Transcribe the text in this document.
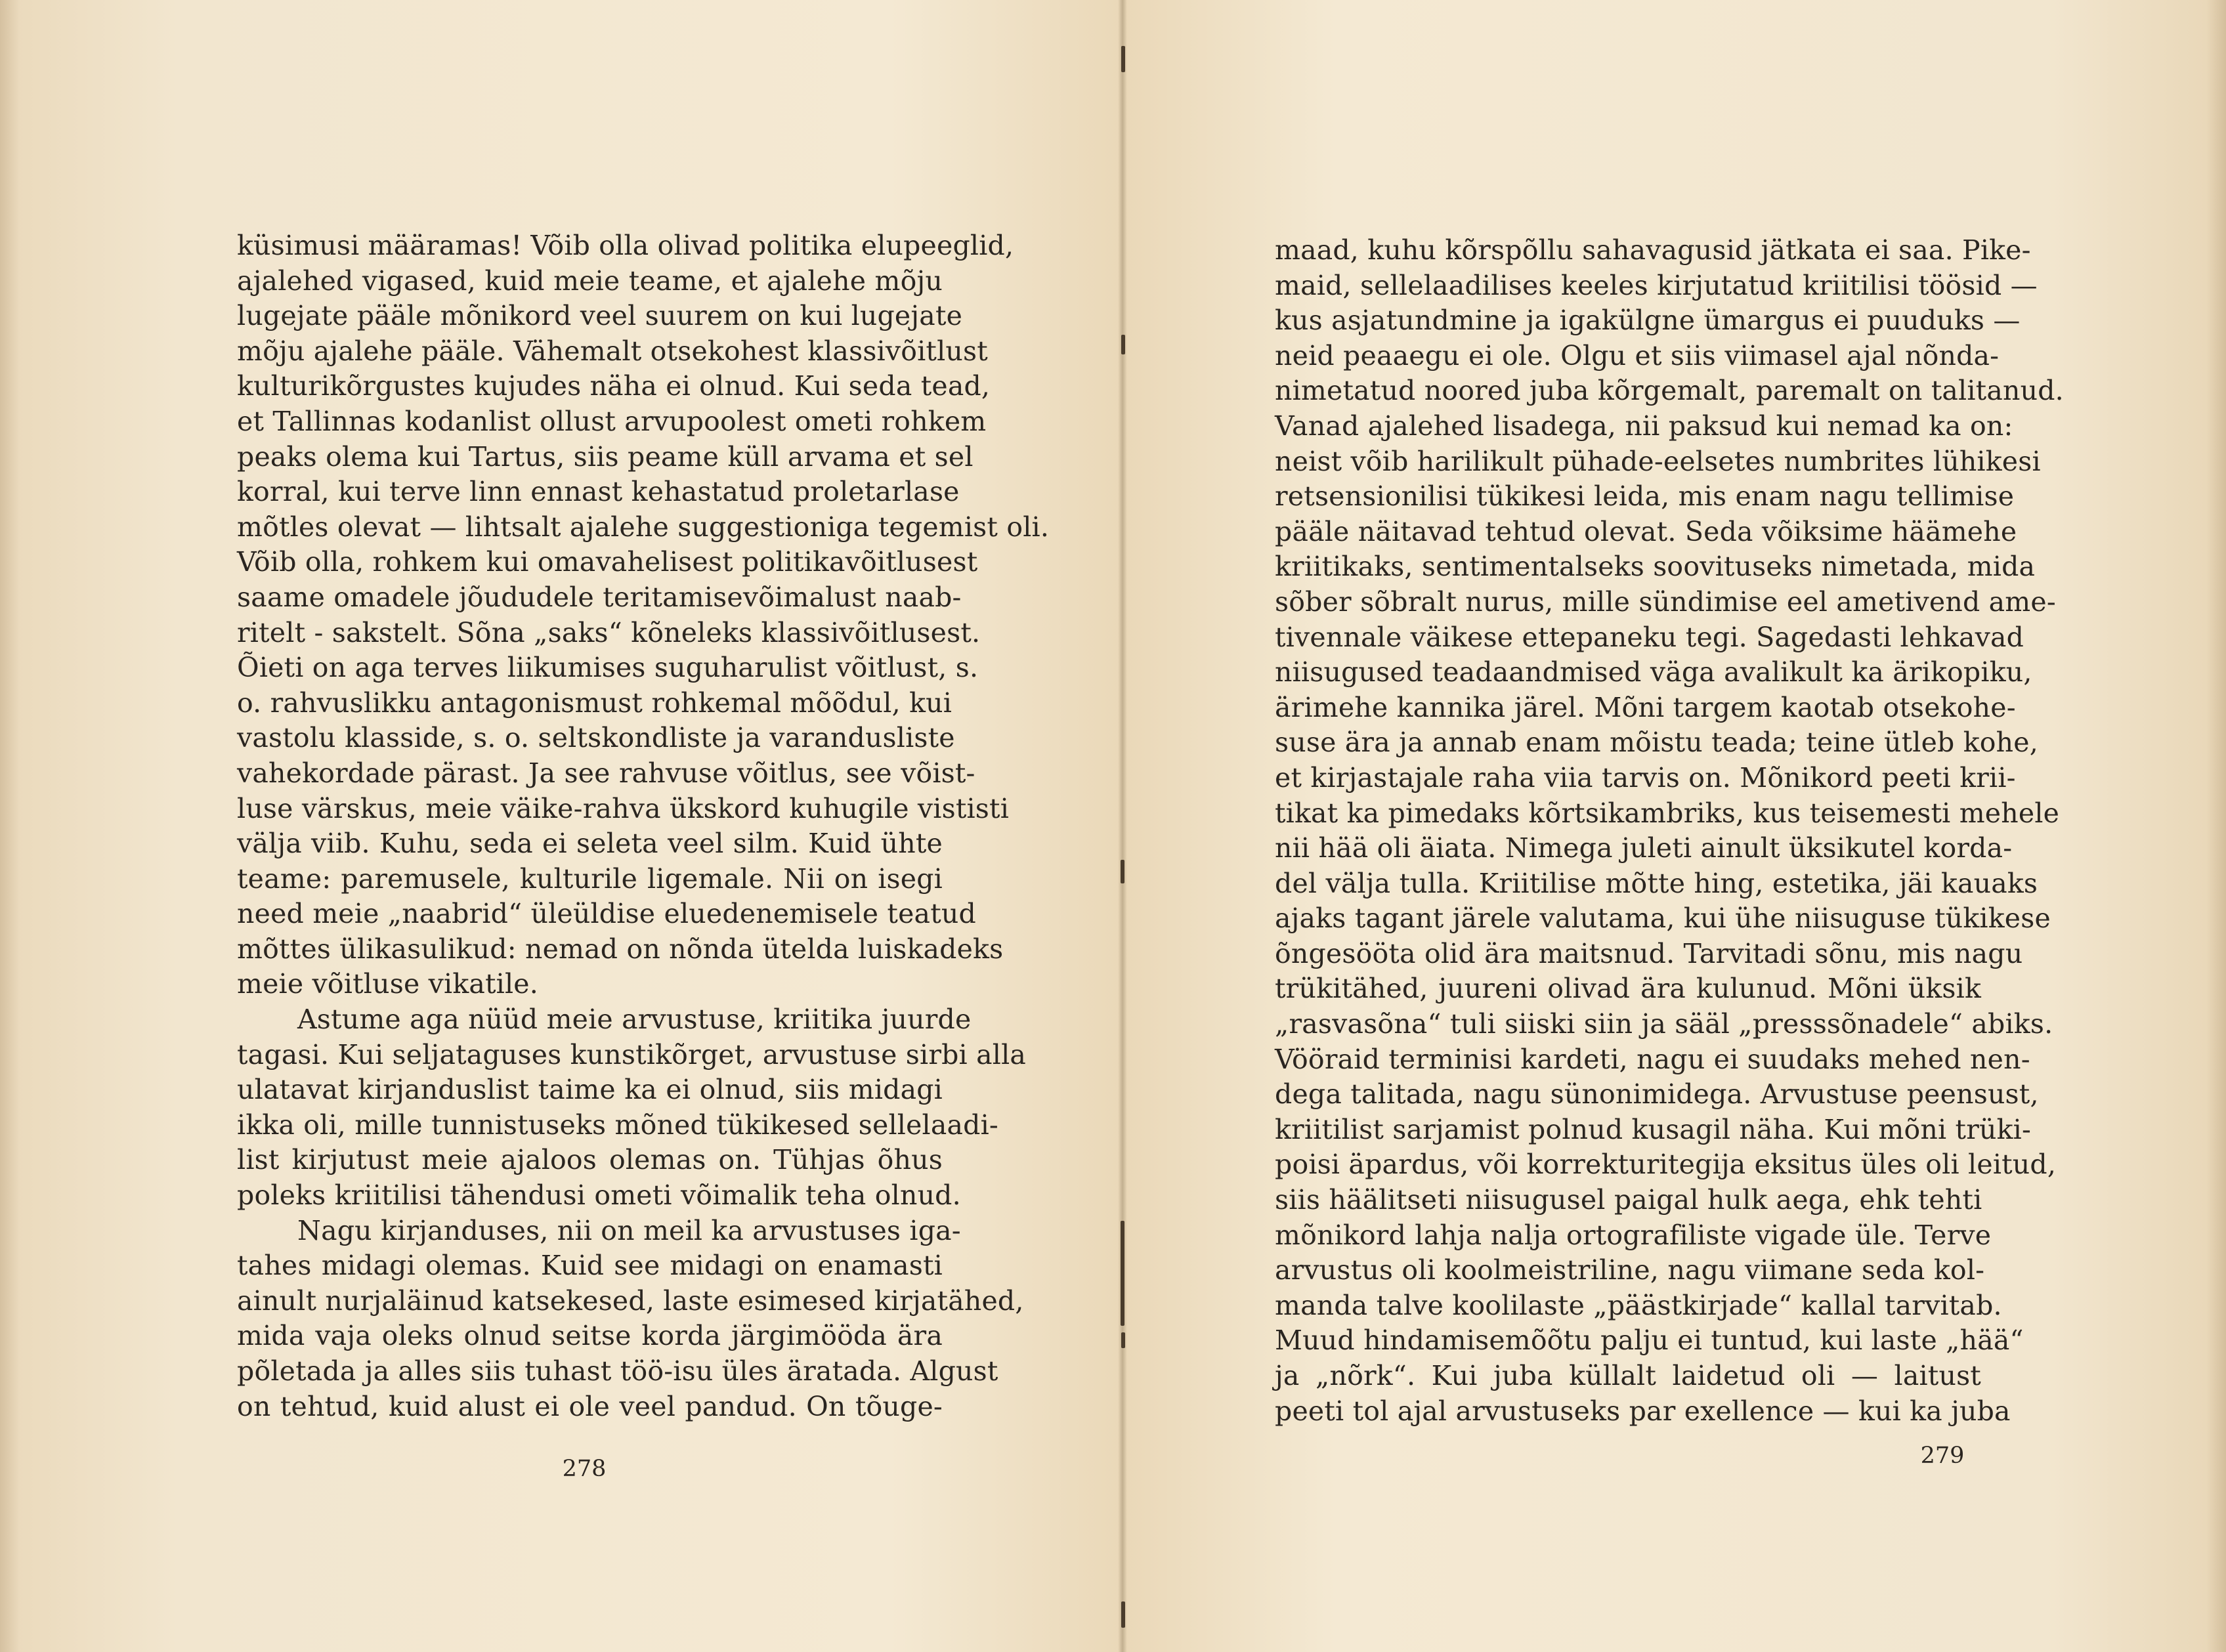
küsimusi määramas! Võib olla olivad politika elupeeglid,
ajalehed vigased, kuid meie teame, et ajalehe mõju
lugejate pääle mõnikord veel suurem on kui lugejate
mõju ajalehe pääle. Vähemalt otsekohest klassivõitlust
kulturikõrgustes kujudes näha ei olnud. Kui seda tead,
et Tallinnas kodanlist ollust arvupoolest ometi rohkem
peaks olema kui Tartus, siis peame küll arvama et sel
korral, kui terve linn ennast kehastatud proletarlase
mõtles olevat — lihtsalt ajalehe suggestioniga tegemist oli.
Võib olla, rohkem kui omavahelisest politikavõitlusest
saame omadele jõududele teritamisevõimalust naab-
ritelt - sakstelt. Sõna „saks“ kõneleks klassivõitlusest.
Õieti on aga terves liikumises suguharulist võitlust, s.
o. rahvuslikku antagonismust rohkemal mõõdul, kui
vastolu klasside, s. o. seltskondliste ja varandusliste
vahekordade pärast. Ja see rahvuse võitlus, see võist-
luse värskus, meie väike-rahva ükskord kuhugile vististi
välja viib. Kuhu, seda ei seleta veel silm. Kuid ühte
teame: paremusele, kulturile ligemale. Nii on isegi
need meie „naabrid“ üleüldise eluedenemisele teatud
mõttes ülikasulikud: nemad on nõnda ütelda luiskadeks
meie võitluse vikatile.
Astume aga nüüd meie arvustuse, kriitika juurde
tagasi. Kui seljataguses kunstikõrget, arvustuse sirbi alla
ulatavat kirjanduslist taime ka ei olnud, siis midagi
ikka oli, mille tunnistuseks mõned tükikesed sellelaadi-
list kirjutust meie ajaloos olemas on. Tühjas õhus
poleks kriitilisi tähendusi ometi võimalik teha olnud.
Nagu kirjanduses, nii on meil ka arvustuses iga-
tahes midagi olemas. Kuid see midagi on enamasti
ainult nurjaläinud katsekesed, laste esimesed kirjatähed,
mida vaja oleks olnud seitse korda järgimööda ära
põletada ja alles siis tuhast töö-isu üles äratada. Algust
on tehtud, kuid alust ei ole veel pandud. On tõuge-
278
maad, kuhu kõrspõllu sahavagusid jätkata ei saa. Pike-
maid, sellelaadilises keeles kirjutatud kriitilisi töösid —
kus asjatundmine ja igakülgne ümargus ei puuduks —
neid peaaegu ei ole. Olgu et siis viimasel ajal nõnda-
nimetatud noored juba kõrgemalt, paremalt on talitanud.
Vanad ajalehed lisadega, nii paksud kui nemad ka on:
neist võib harilikult pühade-eelsetes numbrites lühikesi
retsensionilisi tükikesi leida, mis enam nagu tellimise
pääle näitavad tehtud olevat. Seda võiksime häämehe
kriitikaks, sentimentalseks soovituseks nimetada, mida
sõber sõbralt nurus, mille sündimise eel ametivend ame-
tivennale väikese ettepaneku tegi. Sagedasti lehkavad
niisugused teadaandmised väga avalikult ka ärikopiku,
ärimehe kannika järel. Mõni targem kaotab otsekohe-
suse ära ja annab enam mõistu teada; teine ütleb kohe,
et kirjastajale raha viia tarvis on. Mõnikord peeti krii-
tikat ka pimedaks kõrtsikambriks, kus teisemesti mehele
nii hää oli äiata. Nimega juleti ainult üksikutel korda-
del välja tulla. Kriitilise mõtte hing, estetika, jäi kauaks
ajaks tagant järele valutama, kui ühe niisuguse tükikese
õngesööta olid ära maitsnud. Tarvitadi sõnu, mis nagu
trükitähed, juureni olivad ära kulunud. Mõni üksik
„rasvasõna“ tuli siiski siin ja sääl „presssõnadele“ abiks.
Vööraid terminisi kardeti, nagu ei suudaks mehed nen-
dega talitada, nagu sünonimidega. Arvustuse peensust,
kriitilist sarjamist polnud kusagil näha. Kui mõni trüki-
poisi äpardus, või korrekturitegija eksitus üles oli leitud,
siis häälitseti niisugusel paigal hulk aega, ehk tehti
mõnikord lahja nalja ortografiliste vigade üle. Terve
arvustus oli koolmeistriline, nagu viimane seda kol-
manda talve koolilaste „päästkirjade“ kallal tarvitab.
Muud hindamisemõõtu palju ei tuntud, kui laste „hää“
ja „nõrk“. Kui juba küllalt laidetud oli — laitust
peeti tol ajal arvustuseks par exellence — kui ka juba
279
